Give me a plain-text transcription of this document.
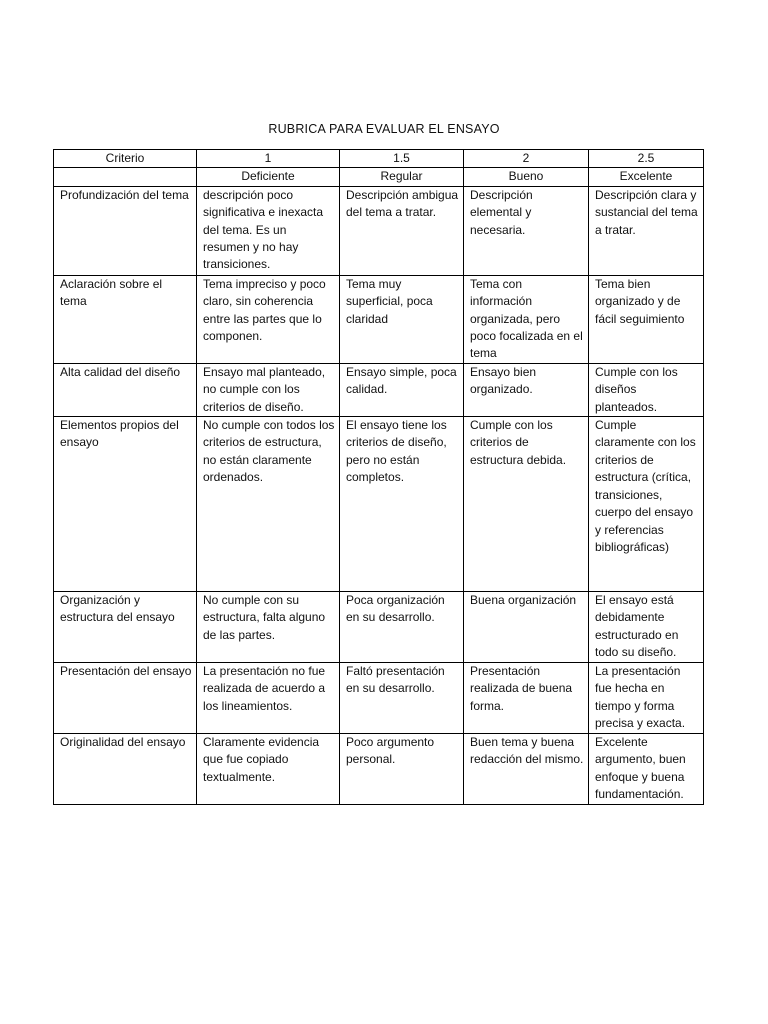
RUBRICA PARA EVALUAR EL ENSAYO
Criterio	1	1.5	2	2.5
	Deficiente	Regular	Bueno	Excelente
Profundización del tema	descripción poco significativa e inexacta del tema. Es un resumen y no hay transiciones.	Descripción ambigua del tema a tratar.	Descripción elemental y necesaria.	Descripción clara y sustancial del tema a tratar.
Aclaración sobre el tema	Tema impreciso y poco claro, sin coherencia entre las partes que lo componen.	Tema muy superficial, poca claridad	Tema con información organizada, pero poco focalizada en el tema	Tema bien organizado y de fácil seguimiento
Alta calidad del diseño	Ensayo mal planteado, no cumple con los criterios de diseño.	Ensayo simple, poca calidad.	Ensayo bien organizado.	Cumple con los diseños planteados.
Elementos propios del ensayo	No cumple con todos los criterios de estructura, no están claramente ordenados.	El ensayo tiene los criterios de diseño, pero no están completos.	Cumple con los criterios de estructura debida.	Cumple claramente con los criterios de estructura (crítica, transiciones, cuerpo del ensayo y referencias bibliográficas)
Organización y estructura del ensayo	No cumple con su estructura, falta alguno de las partes.	Poca organización en su desarrollo.	Buena organización	El ensayo está debidamente estructurado en todo su diseño.
Presentación del ensayo	La presentación no fue realizada de acuerdo a los lineamientos.	Faltó presentación en su desarrollo.	Presentación realizada de buena forma.	La presentación fue hecha en tiempo y forma precisa y exacta.
Originalidad del ensayo	Claramente evidencia que fue copiado textualmente.	Poco argumento personal.	Buen tema y buena redacción del mismo.	Excelente argumento, buen enfoque y buena fundamentación.
